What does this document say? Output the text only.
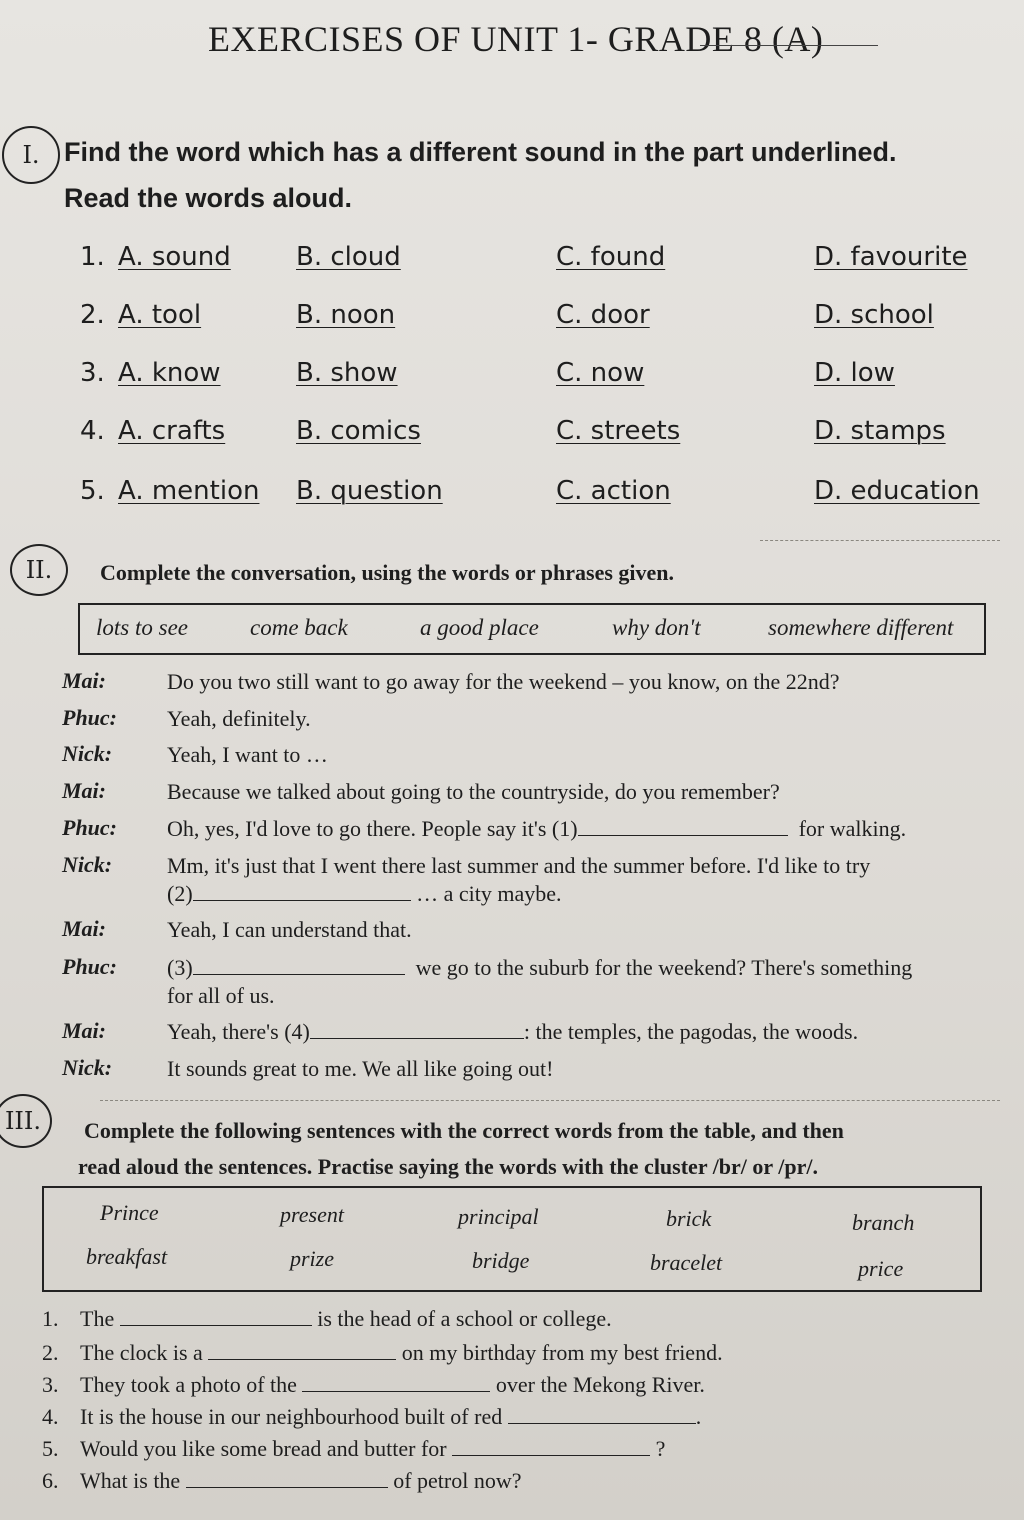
EXERCISES OF UNIT 1- GRADE 8 (A)
I. Find the word which has a different sound in the part underlined.
Read the words aloud.
1. A. sound	B. cloud	C. found	D. favourite
2. A. tool	B. noon	C. door	D. school
3. A. know	B. show	C. now	D. low
4. A. crafts	B. comics	C. streets	D. stamps
5. A. mention B. question	C. action	D. education
II.	Complete the conversation, using the words or phrases given.
lots to see	come back	a good place	why don't	somewhere different
Mai:	Do you two still want to go away for the weekend – you know, on the 22nd?
Phuc: Yeah, definitely.
Nick: Yeah, I want to …
Mai:	Because we talked about going to the countryside, do you remember?
Phuc: Oh, yes, I'd love to go there. People say it's (1)	for walking.
Nick: Mm, it's just that I went there last summer and the summer before. I'd like to try
(2)	… a city maybe.
Mai:	Yeah, I can understand that.
Phuc: (3)	we go to the suburb for the weekend? There's something
for all of us.
Mai:	Yeah, there's (4)	: the temples, the pagodas, the woods.
Nick: It sounds great to me. We all like going out!
III.	Complete the following sentences with the correct words from the table, and then
read aloud the sentences. Practise saying the words with the cluster /br/ or /pr/.
Prince	present	principal	brick	branch
breakfast	prize	bridge	bracelet	price
1. The	is the head of a school or college.
2. The clock is a	on my birthday from my best friend.
3. They took a photo of the	over the Mekong River.
4. It is the house in our neighbourhood built of red	.
5. Would you like some bread and butter for	?
6. What is the	of petrol now?
